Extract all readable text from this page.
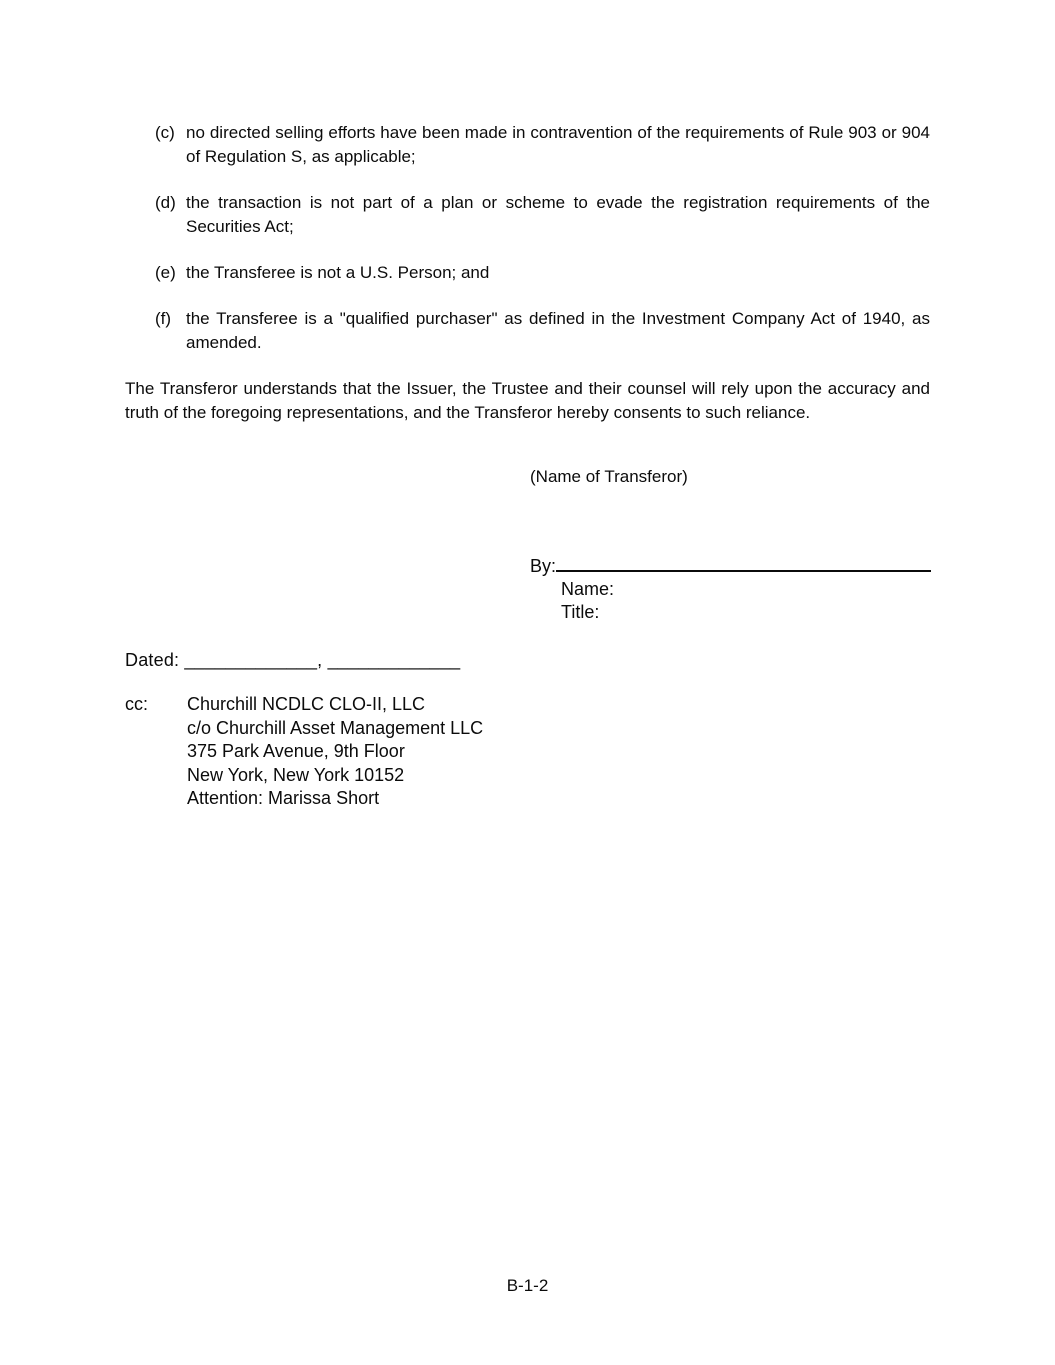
(c) no directed selling efforts have been made in contravention of the requirements of Rule 903 or 904 of Regulation S, as applicable;
(d) the transaction is not part of a plan or scheme to evade the registration requirements of the Securities Act;
(e) the Transferee is not a U.S. Person; and
(f) the Transferee is a "qualified purchaser" as defined in the Investment Company Act of 1940, as amended.

The Transferor understands that the Issuer, the Trustee and their counsel will rely upon the accuracy and truth of the foregoing representations, and the Transferor hereby consents to such reliance.

(Name of Transferor)
By:
Name:
Title:
Dated: _____________, _____________
cc:	Churchill NCDLC CLO-II, LLC
c/o Churchill Asset Management LLC
375 Park Avenue, 9th Floor
New York, New York 10152
Attention: Marissa Short
B-1-2
